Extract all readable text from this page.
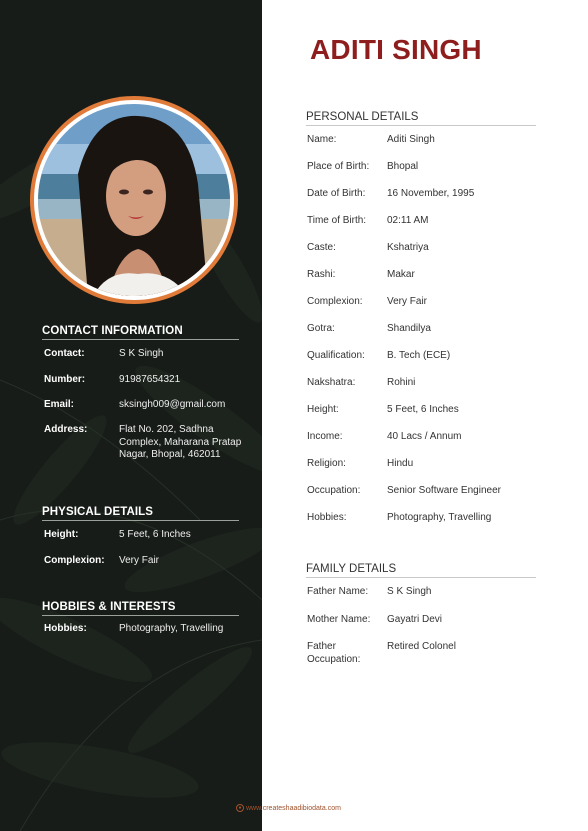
CONTACT INFORMATION
Contact:	S K Singh
Number:	91987654321
Email:	sksingh009@gmail.com
Address:	Flat No. 202, Sadhna Complex, Maharana Pratap Nagar, Bhopal, 462011
PHYSICAL DETAILS
Height:	5 Feet, 6 Inches
Complexion:	Very Fair
HOBBIES & INTERESTS
Hobbies:	Photography, Travelling
ADITI SINGH
PERSONAL DETAILS
Name:	Aditi Singh
Place of Birth:	Bhopal
Date of Birth:	16 November, 1995
Time of Birth:	02:11 AM
Caste:	Kshatriya
Rashi:	Makar
Complexion:	Very Fair
Gotra:	Shandilya
Qualification:	B. Tech (ECE)
Nakshatra:	Rohini
Height:	5 Feet, 6 Inches
Income:	40 Lacs / Annum
Religion:	Hindu
Occupation:	Senior Software Engineer
Hobbies:	Photography, Travelling
FAMILY DETAILS
Father Name:	S K Singh
Mother Name:	Gayatri Devi
Father Occupation:
Retired Colonel
● www.createshaadibiodata.com
